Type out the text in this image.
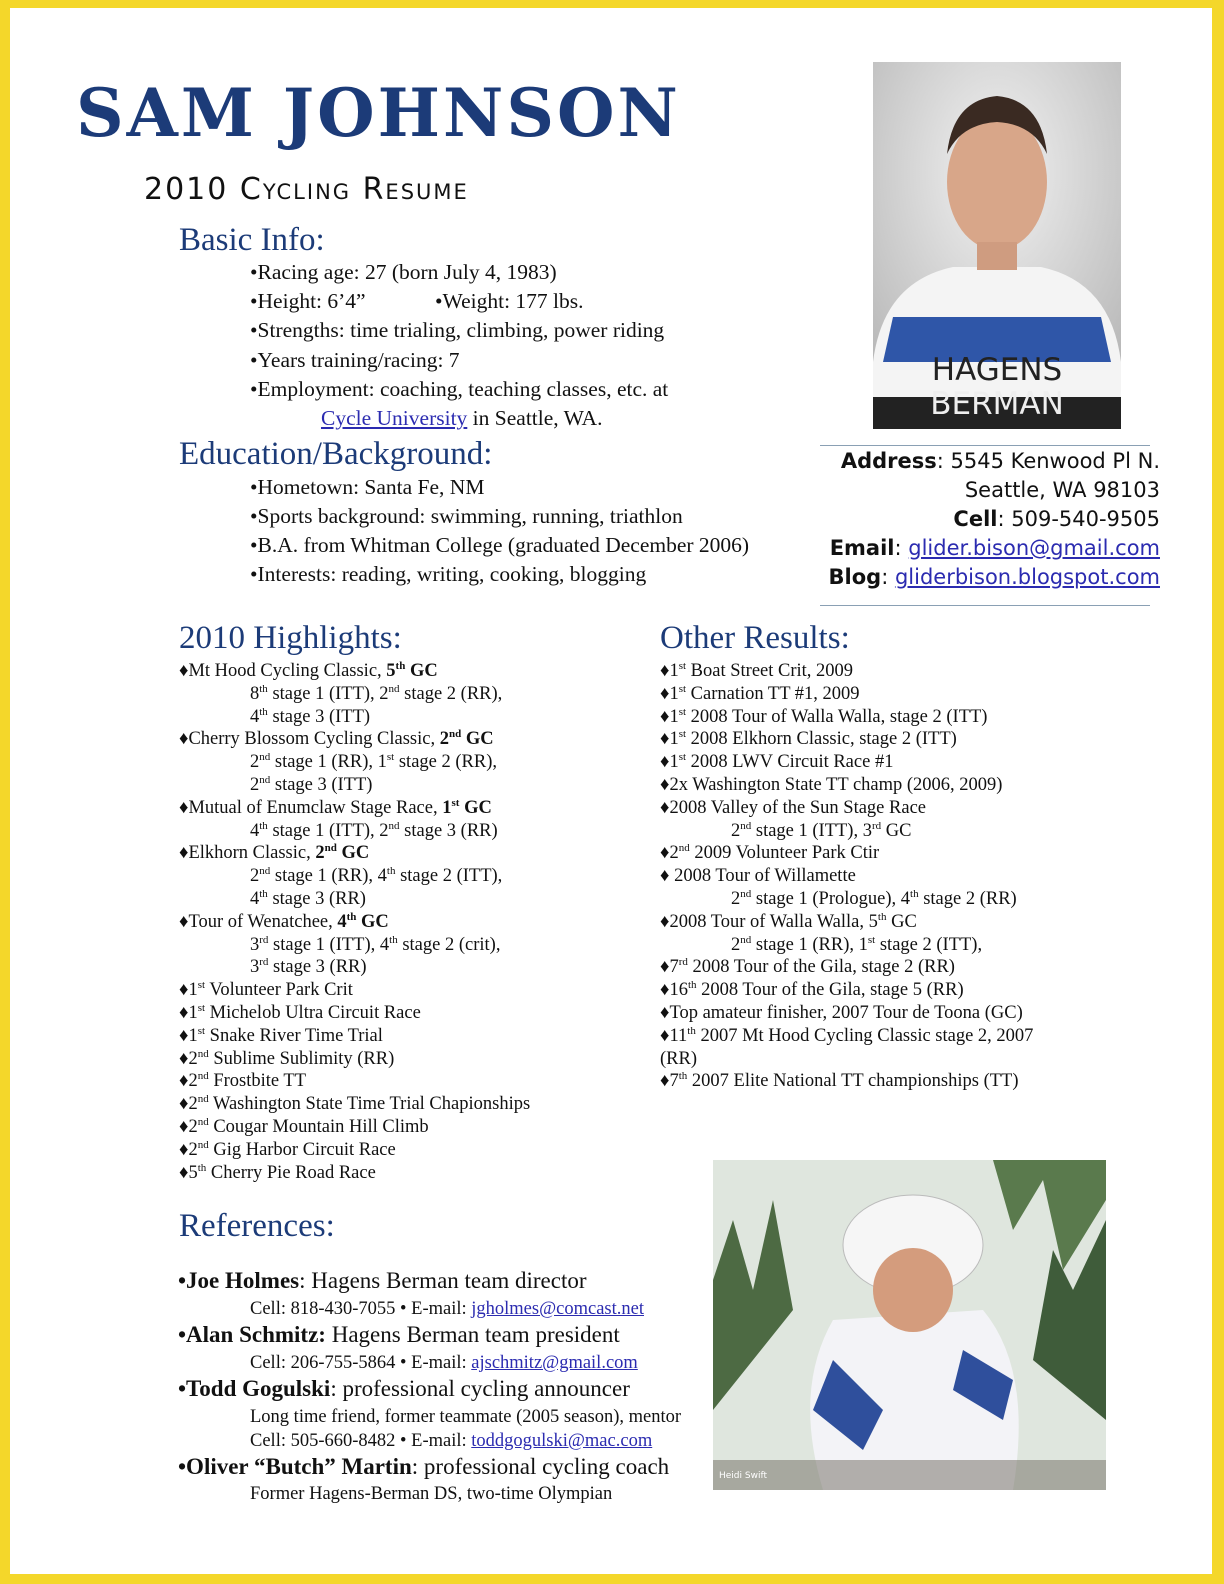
SAM JOHNSON
2010 Cycling Resume
HAGENS
BERMAN
Basic Info:
•Racing age: 27 (born July 4, 1983)
•Height: 6’4”	•Weight: 177 lbs.
•Strengths: time trialing, climbing, power riding
•Years training/racing: 7
•Employment: coaching, teaching classes, etc. at
Cycle University in Seattle, WA.
Education/Background:
•Hometown: Santa Fe, NM
•Sports background: swimming, running, triathlon
•B.A. from Whitman College (graduated December 2006)
•Interests: reading, writing, cooking, blogging
Address: 5545 Kenwood Pl N.
Seattle, WA 98103
Cell: 509-540-9505
Email: glider.bison@gmail.com
Blog: gliderbison.blogspot.com
2010 Highlights:
♦Mt Hood Cycling Classic, 5th GC
8th stage 1 (ITT), 2nd stage 2 (RR),
4th stage 3 (ITT)
♦Cherry Blossom Cycling Classic, 2nd GC
2nd stage 1 (RR), 1st stage 2 (RR),
2nd stage 3 (ITT)
♦Mutual of Enumclaw Stage Race, 1st GC
4th stage 1 (ITT), 2nd stage 3 (RR)
♦Elkhorn Classic, 2nd GC
2nd stage 1 (RR), 4th stage 2 (ITT),
4th stage 3 (RR)
♦Tour of Wenatchee, 4th GC
3rd stage 1 (ITT), 4th stage 2 (crit),
3rd stage 3 (RR)
♦1st Volunteer Park Crit
♦1st Michelob Ultra Circuit Race
♦1st Snake River Time Trial
♦2nd Sublime Sublimity (RR)
♦2nd Frostbite TT
♦2nd Washington State Time Trial Chapionships
♦2nd Cougar Mountain Hill Climb
♦2nd Gig Harbor Circuit Race
♦5th Cherry Pie Road Race
Other Results:
♦1st Boat Street Crit, 2009
♦1st Carnation TT #1, 2009
♦1st 2008 Tour of Walla Walla, stage 2 (ITT)
♦1st 2008 Elkhorn Classic, stage 2 (ITT)
♦1st 2008 LWV Circuit Race #1
♦2x Washington State TT champ (2006, 2009)
♦2008 Valley of the Sun Stage Race
2nd stage 1 (ITT), 3rd GC
♦2nd 2009 Volunteer Park Ctir
♦ 2008 Tour of Willamette
2nd stage 1 (Prologue), 4th stage 2 (RR)
♦2008 Tour of Walla Walla, 5th GC
2nd stage 1 (RR), 1st stage 2 (ITT),
♦7rd 2008 Tour of the Gila, stage 2 (RR)
♦16th 2008 Tour of the Gila, stage 5 (RR)
♦Top amateur finisher, 2007 Tour de Toona (GC)
♦11th 2007 Mt Hood Cycling Classic stage 2, 2007
(RR)
♦7th 2007 Elite National TT championships (TT)
References:
•Joe Holmes: Hagens Berman team director
Cell: 818-430-7055 • E-mail: jgholmes@comcast.net
•Alan Schmitz: Hagens Berman team president
Cell: 206-755-5864 • E-mail: ajschmitz@gmail.com
•Todd Gogulski: professional cycling announcer
Long time friend, former teammate (2005 season), mentor
Cell: 505-660-8482 • E-mail: toddgogulski@mac.com
•Oliver “Butch” Martin: professional cycling coach
Former Hagens-Berman DS, two-time Olympian
Heidi Swift
